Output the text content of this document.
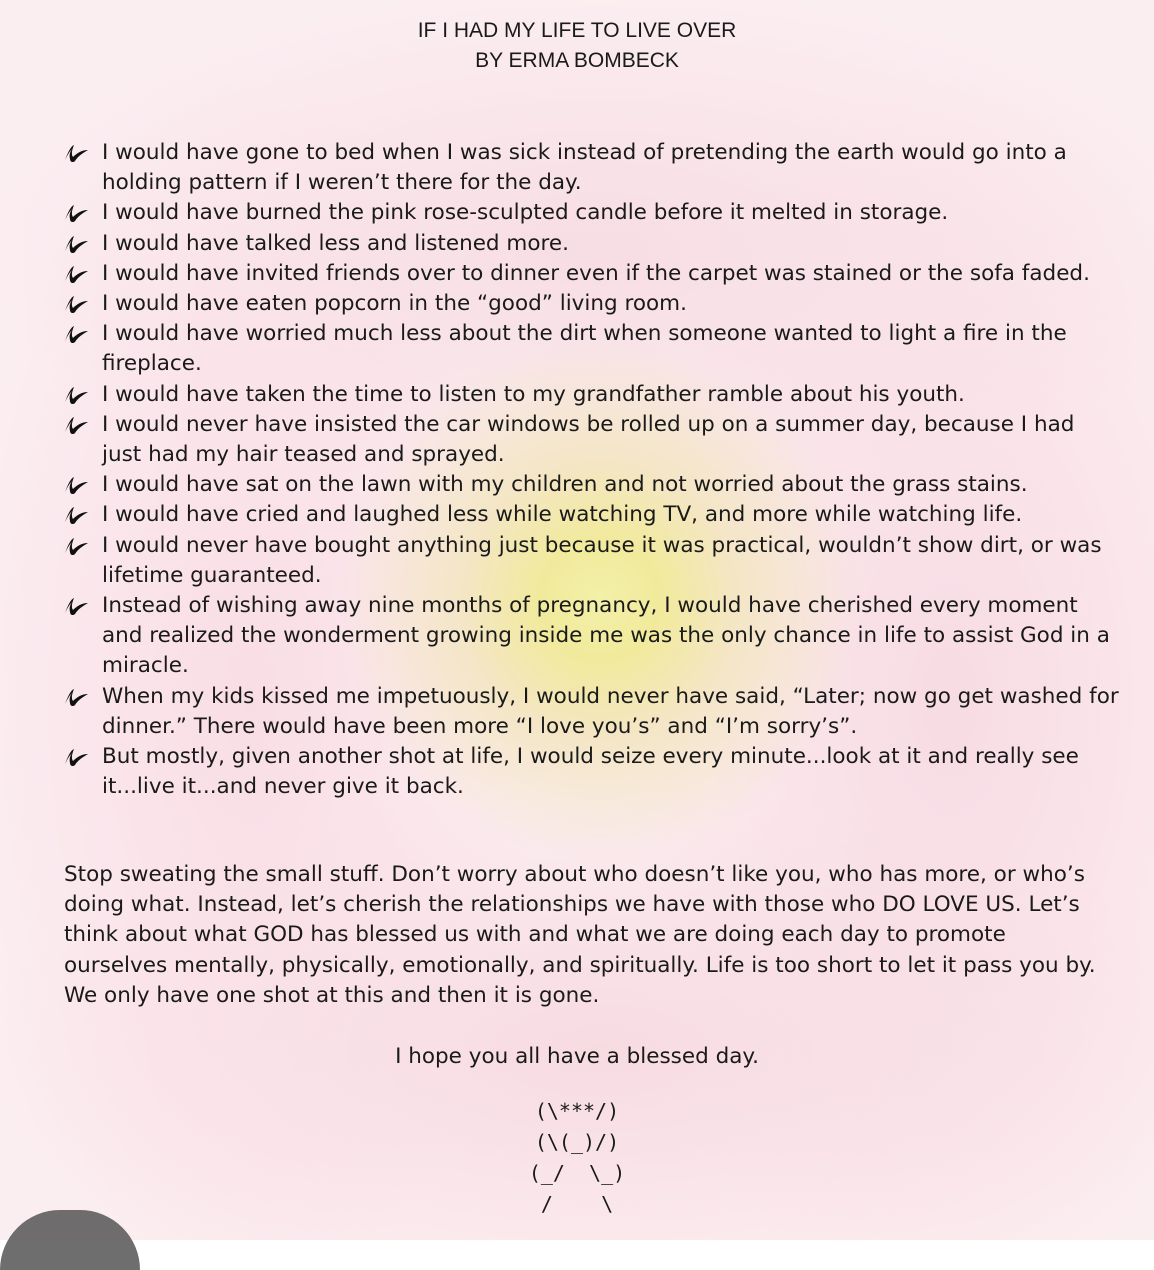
IF I HAD MY LIFE TO LIVE OVER
BY ERMA BOMBECK
I would have gone to bed when I was sick instead of pretending the earth would go into a holding pattern if I weren’t there for the day.
I would have burned the pink rose-sculpted candle before it melted in storage.
I would have talked less and listened more.
I would have invited friends over to dinner even if the carpet was stained or the sofa faded.
I would have eaten popcorn in the “good” living room.
I would have worried much less about the dirt when someone wanted to light a fire in the fireplace.
I would have taken the time to listen to my grandfather ramble about his youth.
I would never have insisted the car windows be rolled up on a summer day, because I had just had my hair teased and sprayed.
I would have sat on the lawn with my children and not worried about the grass stains.
I would have cried and laughed less while watching TV, and more while watching life.
I would never have bought anything just because it was practical, wouldn’t show dirt, or was lifetime guaranteed.
Instead of wishing away nine months of pregnancy, I would have cherished every moment and realized the wonderment growing inside me was the only chance in life to assist God in a miracle.
When my kids kissed me impetuously, I would never have said, “Later; now go get washed for dinner.” There would have been more “I love you’s” and “I’m sorry’s”.
But mostly, given another shot at life, I would seize every minute...look at it and really see it...live it...and never give it back.

Stop sweating the small stuff. Don’t worry about who doesn’t like you, who has more, or who’s doing what. Instead, let’s cherish the relationships we have with those who DO LOVE US. Let’s think about what GOD has blessed us with and what we are doing each day to promote ourselves mentally, physically, emotionally, and spiritually. Life is too short to let it pass you by. We only have one shot at this and then it is gone.

I hope you all have a blessed day.

(\***/)
(\(_)/)
(_/  \_)
/    \
